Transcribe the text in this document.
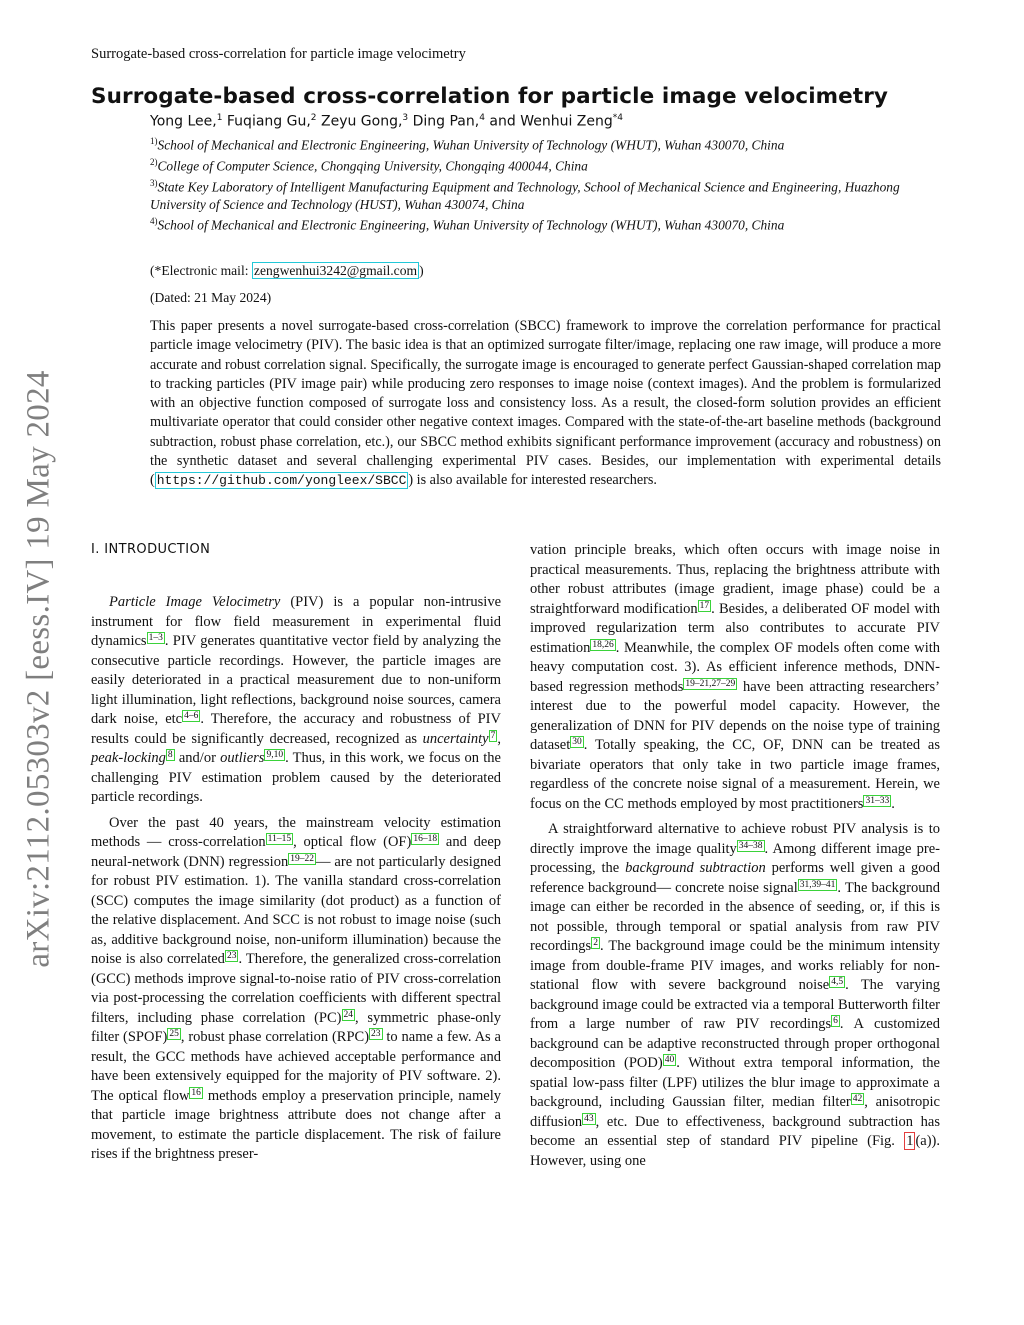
Surrogate-based cross-correlation for particle image velocimetry
arXiv:2112.05303v2 [eess.IV] 19 May 2024
Surrogate-based cross-correlation for particle image velocimetry
Yong Lee,$^1$ Fuqiang Gu,$^2$ Zeyu Gong,$^3$ Ding Pan,$^4$ and Wenhui Zeng$^{*4}$
$^{1)}$School of Mechanical and Electronic Engineering, Wuhan University of Technology (WHUT), Wuhan 430070, China
$^{2)}$College of Computer Science, Chongqing University, Chongqing 400044, China
$^{3)}$State Key Laboratory of Intelligent Manufacturing Equipment and Technology, School of Mechanical Science and Engineering, Huazhong University of Science and Technology (HUST), Wuhan 430074, China
$^{4)}$School of Mechanical and Electronic Engineering, Wuhan University of Technology (WHUT), Wuhan 430070, China
(*Electronic mail: zengwenhui3242@gmail.com )
(Dated: 21 May 2024)
This paper presents a novel surrogate-based cross-correlation (SBCC) framework to improve the correlation performance for practical particle image velocimetry (PIV). The basic idea is that an optimized surrogate filter/image, replacing one raw image, will produce a more accurate and robust correlation signal. Specifically, the surrogate image is encouraged to generate perfect Gaussian-shaped correlation map to tracking particles (PIV image pair) while producing zero responses to image noise (context images). And the problem is formularized with an objective function composed of surrogate loss and consistency loss. As a result, the closed-form solution provides an efficient multivariate operator that could consider other negative context images. Compared with the state-of-the-art baseline methods (background subtraction, robust phase correlation, etc.), our SBCC method exhibits significant performance improvement (accuracy and robustness) on the synthetic dataset and several challenging experimental PIV cases. Besides, our implementation with experimental details ( https://github.com/yongleex/SBCC ) is also available for interested researchers.
I. INTRODUCTION

Particle Image Velocimetry (PIV) is a popular non-intrusive instrument for flow field measurement in experimental fluid dynamics $^{1-3}$ . PIV generates quantitative vector field by analyzing the consecutive particle recordings. However, the particle images are easily deteriorated in a practical measurement due to non-uniform light illumination, light reflections, background noise sources, camera dark noise, etc $^{4-6}$ . Therefore, the accuracy and robustness of PIV results could be significantly decreased, recognized as uncertainty $^7$ , peak-locking $^8$ and/or outliers $^{9,10}$ . Thus, in this work, we focus on the challenging PIV estimation problem caused by the deteriorated particle recordings.

Over the past 40 years, the mainstream velocity estimation methods — cross-correlation $^{11-15}$ , optical flow (OF) $^{16-18}$ and deep neural-network (DNN) regression $^{19-22}$ — are not particularly designed for robust PIV estimation. 1). The vanilla standard cross-correlation (SCC) computes the image similarity (dot product) as a function of the relative displacement. And SCC is not robust to image noise (such as, additive background noise, non-uniform illumination) because the noise is also correlated $^{23}$ . Therefore, the generalized cross-correlation (GCC) methods improve signal-to-noise ratio of PIV cross-correlation via post-processing the correlation coefficients with different spectral filters, including phase correlation (PC) $^{24}$ , symmetric phase-only filter (SPOF) $^{25}$ , robust phase correlation (RPC) $^{23}$ to name a few. As a result, the GCC methods have achieved acceptable performance and have been extensively equipped for the majority of PIV software. 2). The optical flow $^{16}$ methods employ a preservation principle, namely that particle image brightness attribute does not change after a movement, to estimate the particle displacement. The risk of failure rises if the brightness preser-

vation principle breaks, which often occurs with image noise in practical measurements. Thus, replacing the brightness attribute with other robust attributes (image gradient, image phase) could be a straightforward modification $^{17}$ . Besides, a deliberated OF model with improved regularization term also contributes to accurate PIV estimation $^{18,26}$ . Meanwhile, the complex OF models often come with heavy computation cost. 3). As efficient inference methods, DNN-based regression methods $^{19-21,27-29}$ have been attracting researchers’ interest due to the powerful model capacity. However, the generalization of DNN for PIV depends on the noise type of training dataset $^{30}$ . Totally speaking, the CC, OF, DNN can be treated as bivariate operators that only take in two particle image frames, regardless of the concrete noise signal of a measurement. Herein, we focus on the CC methods employed by most practitioners $^{31-33}$ .

A straightforward alternative to achieve robust PIV analysis is to directly improve the image quality $^{34-38}$ . Among different image pre-processing, the background subtraction performs well given a good reference background— concrete noise signal $^{31,39-41}$ . The background image can either be recorded in the absence of seeding, or, if this is not possible, through temporal or spatial analysis from raw PIV recordings $^2$ . The background image could be the minimum intensity image from double-frame PIV images, and works reliably for non-stational flow with severe background noise $^{4,5}$ . The varying background image could be extracted via a temporal Butterworth filter from a large number of raw PIV recordings $^6$ . A customized background can be adaptive reconstructed through proper orthogonal decomposition (POD) $^{40}$ . Without extra temporal information, the spatial low-pass filter (LPF) utilizes the blur image to approximate a background, including Gaussian filter, median filter $^{42}$ , anisotropic diffusion $^{43}$ , etc. Due to effectiveness, background subtraction has become an essential step of standard PIV pipeline (Fig. 1 (a)). However, using one
